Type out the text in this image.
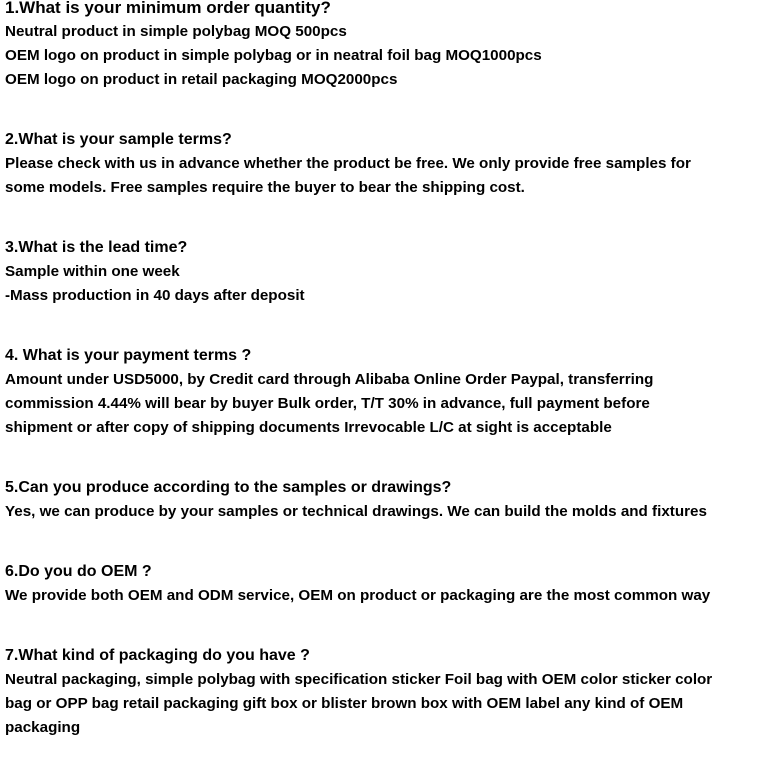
1.What is your minimum order quantity?

Neutral product in simple polybag MOQ 500pcs

OEM logo on product in simple polybag or in neatral foil bag MOQ1000pcs

OEM logo on product in retail packaging MOQ2000pcs

2.What is your sample terms?

Please check with us in advance whether the product be free. We only provide free samples for

some models. Free samples require the buyer to bear the shipping cost.

3.What is the lead time?

Sample within one week

-Mass production in 40 days after deposit

4. What is your payment terms ?

Amount under USD5000, by Credit card through Alibaba Online Order Paypal, transferring

commission 4.44% will bear by buyer Bulk order, T/T 30% in advance, full payment before

shipment or after copy of shipping documents Irrevocable L/C at sight is acceptable

5.Can you produce according to the samples or drawings?

Yes, we can produce by your samples or technical drawings. We can build the molds and fixtures

6.Do you do OEM ?

We provide both OEM and ODM service, OEM on product or packaging are the most common way

7.What kind of packaging do you have ?

Neutral packaging, simple polybag with specification sticker Foil bag with OEM color sticker color

bag or OPP bag retail packaging gift box or blister brown box with OEM label any kind of OEM

packaging
